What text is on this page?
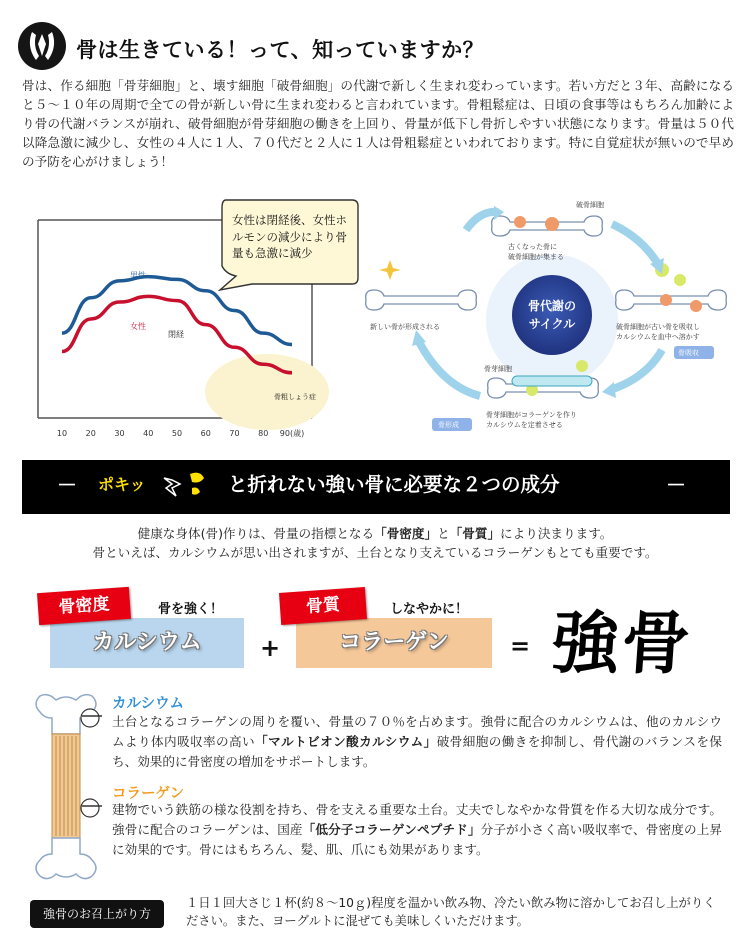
骨は生きている！って、知っていますか？
骨は、作る細胞「骨芽細胞」と、壊す細胞「破骨細胞」の代謝で新しく生まれ変わっています。若い方だと３年、高齢になると５～１０年の周期で全ての骨が新しい骨に生まれ変わると言われています。骨粗鬆症は、日頃の食事等はもちろん加齢により骨の代謝バランスが崩れ、破骨細胞が骨芽細胞の働きを上回り、骨量が低下し骨折しやすい状態になります。骨量は５０代以降急激に減少し、女性の４人に１人、７０代だと２人に１人は骨粗鬆症といわれております。特に自覚症状が無いので早めの予防を心がけましょう！
10 20 30 40 50 60 70 80 90(歳)
骨粗しょう症
閉経
男性
女性
女性は閉経後、女性ホルモンの減少により骨量も急激に減少
骨代謝の
サイクル
古くなった骨に
破骨細胞が集まる
破骨細胞
破骨細胞が古い骨を吸収し
カルシウムを血中へ溶かす
骨吸収
骨芽細胞
骨芽細胞がコラーゲンを作り
カルシウムを定着させる
骨形成
新しい骨が形成される
－	ポキッ	と折れない強い骨に必要な２つの成分	－
健康な身体(骨)作りは、骨量の指標となる「骨密度」と「骨質」により決まります。
骨といえば、カルシウムが思い出されますが、土台となり支えているコラーゲンもとても重要です。
カルシウム
骨密度	骨を強く！
+	コラーゲン
骨質	しなやかに！
= 強骨
カルシウム
土台となるコラーゲンの周りを覆い、骨量の７０％を占めます。強骨に配合のカルシウムは、他のカルシウムより体内吸収率の高い「マルトビオン酸カルシウム」破骨細胞の働きを抑制し、骨代謝のバランスを保ち、効果的に骨密度の増加をサポートします。
コラーゲン
建物でいう鉄筋の様な役割を持ち、骨を支える重要な土台。丈夫でしなやかな骨質を作る大切な成分です。強骨に配合のコラーゲンは、国産「低分子コラーゲンペプチド」分子が小さく高い吸収率で、骨密度の上昇に効果的です。骨にはもちろん、髪、肌、爪にも効果があります。
強骨のお召上がり方
１日１回大さじ１杯(約８～10ｇ)程度を温かい飲み物、冷たい飲み物に溶かしてお召し上がりください。また、ヨーグルトに混ぜても美味しくいただけます。
